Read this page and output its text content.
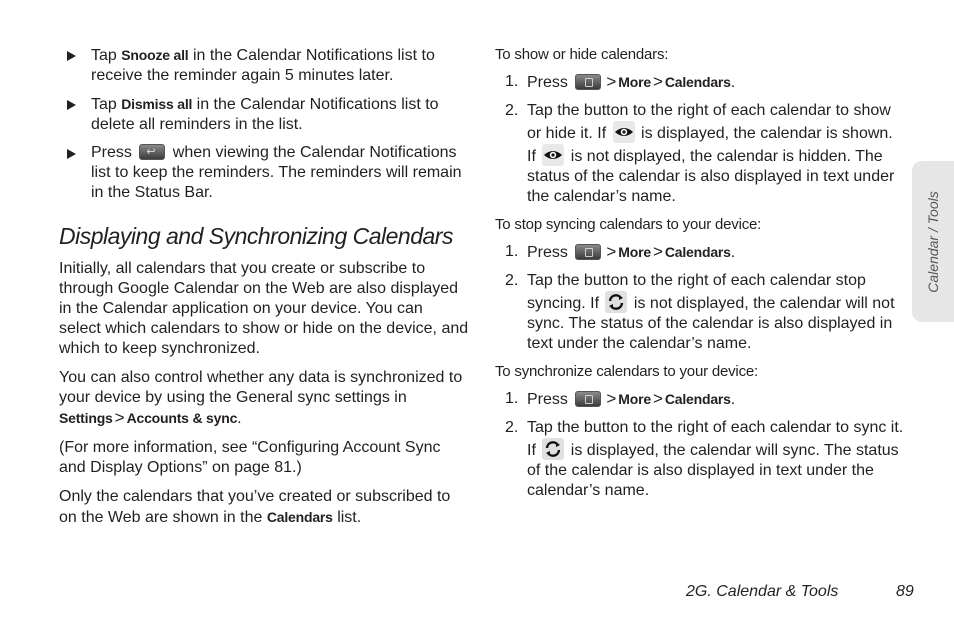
Tap Snooze all in the Calendar Notifications list to receive the reminder again 5 minutes later.
Tap Dismiss all in the Calendar Notifications list to delete all reminders in the list.
Press ↩ when viewing the Calendar Notifications list to keep the reminders. The reminders will remain in the Status Bar.
Displaying and Synchronizing Calendars

Initially, all calendars that you create or subscribe to through Google Calendar on the Web are also displayed in the Calendar application on your device. You can select which calendars to show or hide on the device, and which to keep synchronized.

You can also control whether any data is synchronized to your device by using the General sync settings in Settings > Accounts & sync.

(For more information, see “Configuring Account Sync and Display Options” on page 81.)

Only the calendars that you’ve created or subscribed to on the Web are shown in the Calendars list.

To show or hide calendars:

1. Press > More > Calendars.
2. Tap the button to the right of each calendar to show or hide it. If  is displayed, the calendar is shown. If  is not displayed, the calendar is hidden. The status of the calendar is also displayed in text under the calendar’s name.

To stop syncing calendars to your device:

1. Press > More > Calendars.
2. Tap the button to the right of each calendar stop syncing. If  is not displayed, the calendar will not sync. The status of the calendar is also displayed in text under the calendar’s name.

To synchronize calendars to your device:

1. Press > More > Calendars.
2. Tap the button to the right of each calendar to sync it. If  is displayed, the calendar will sync. The status of the calendar is also displayed in text under the calendar’s name.
Calendar / Tools
2G. Calendar & Tools	89
